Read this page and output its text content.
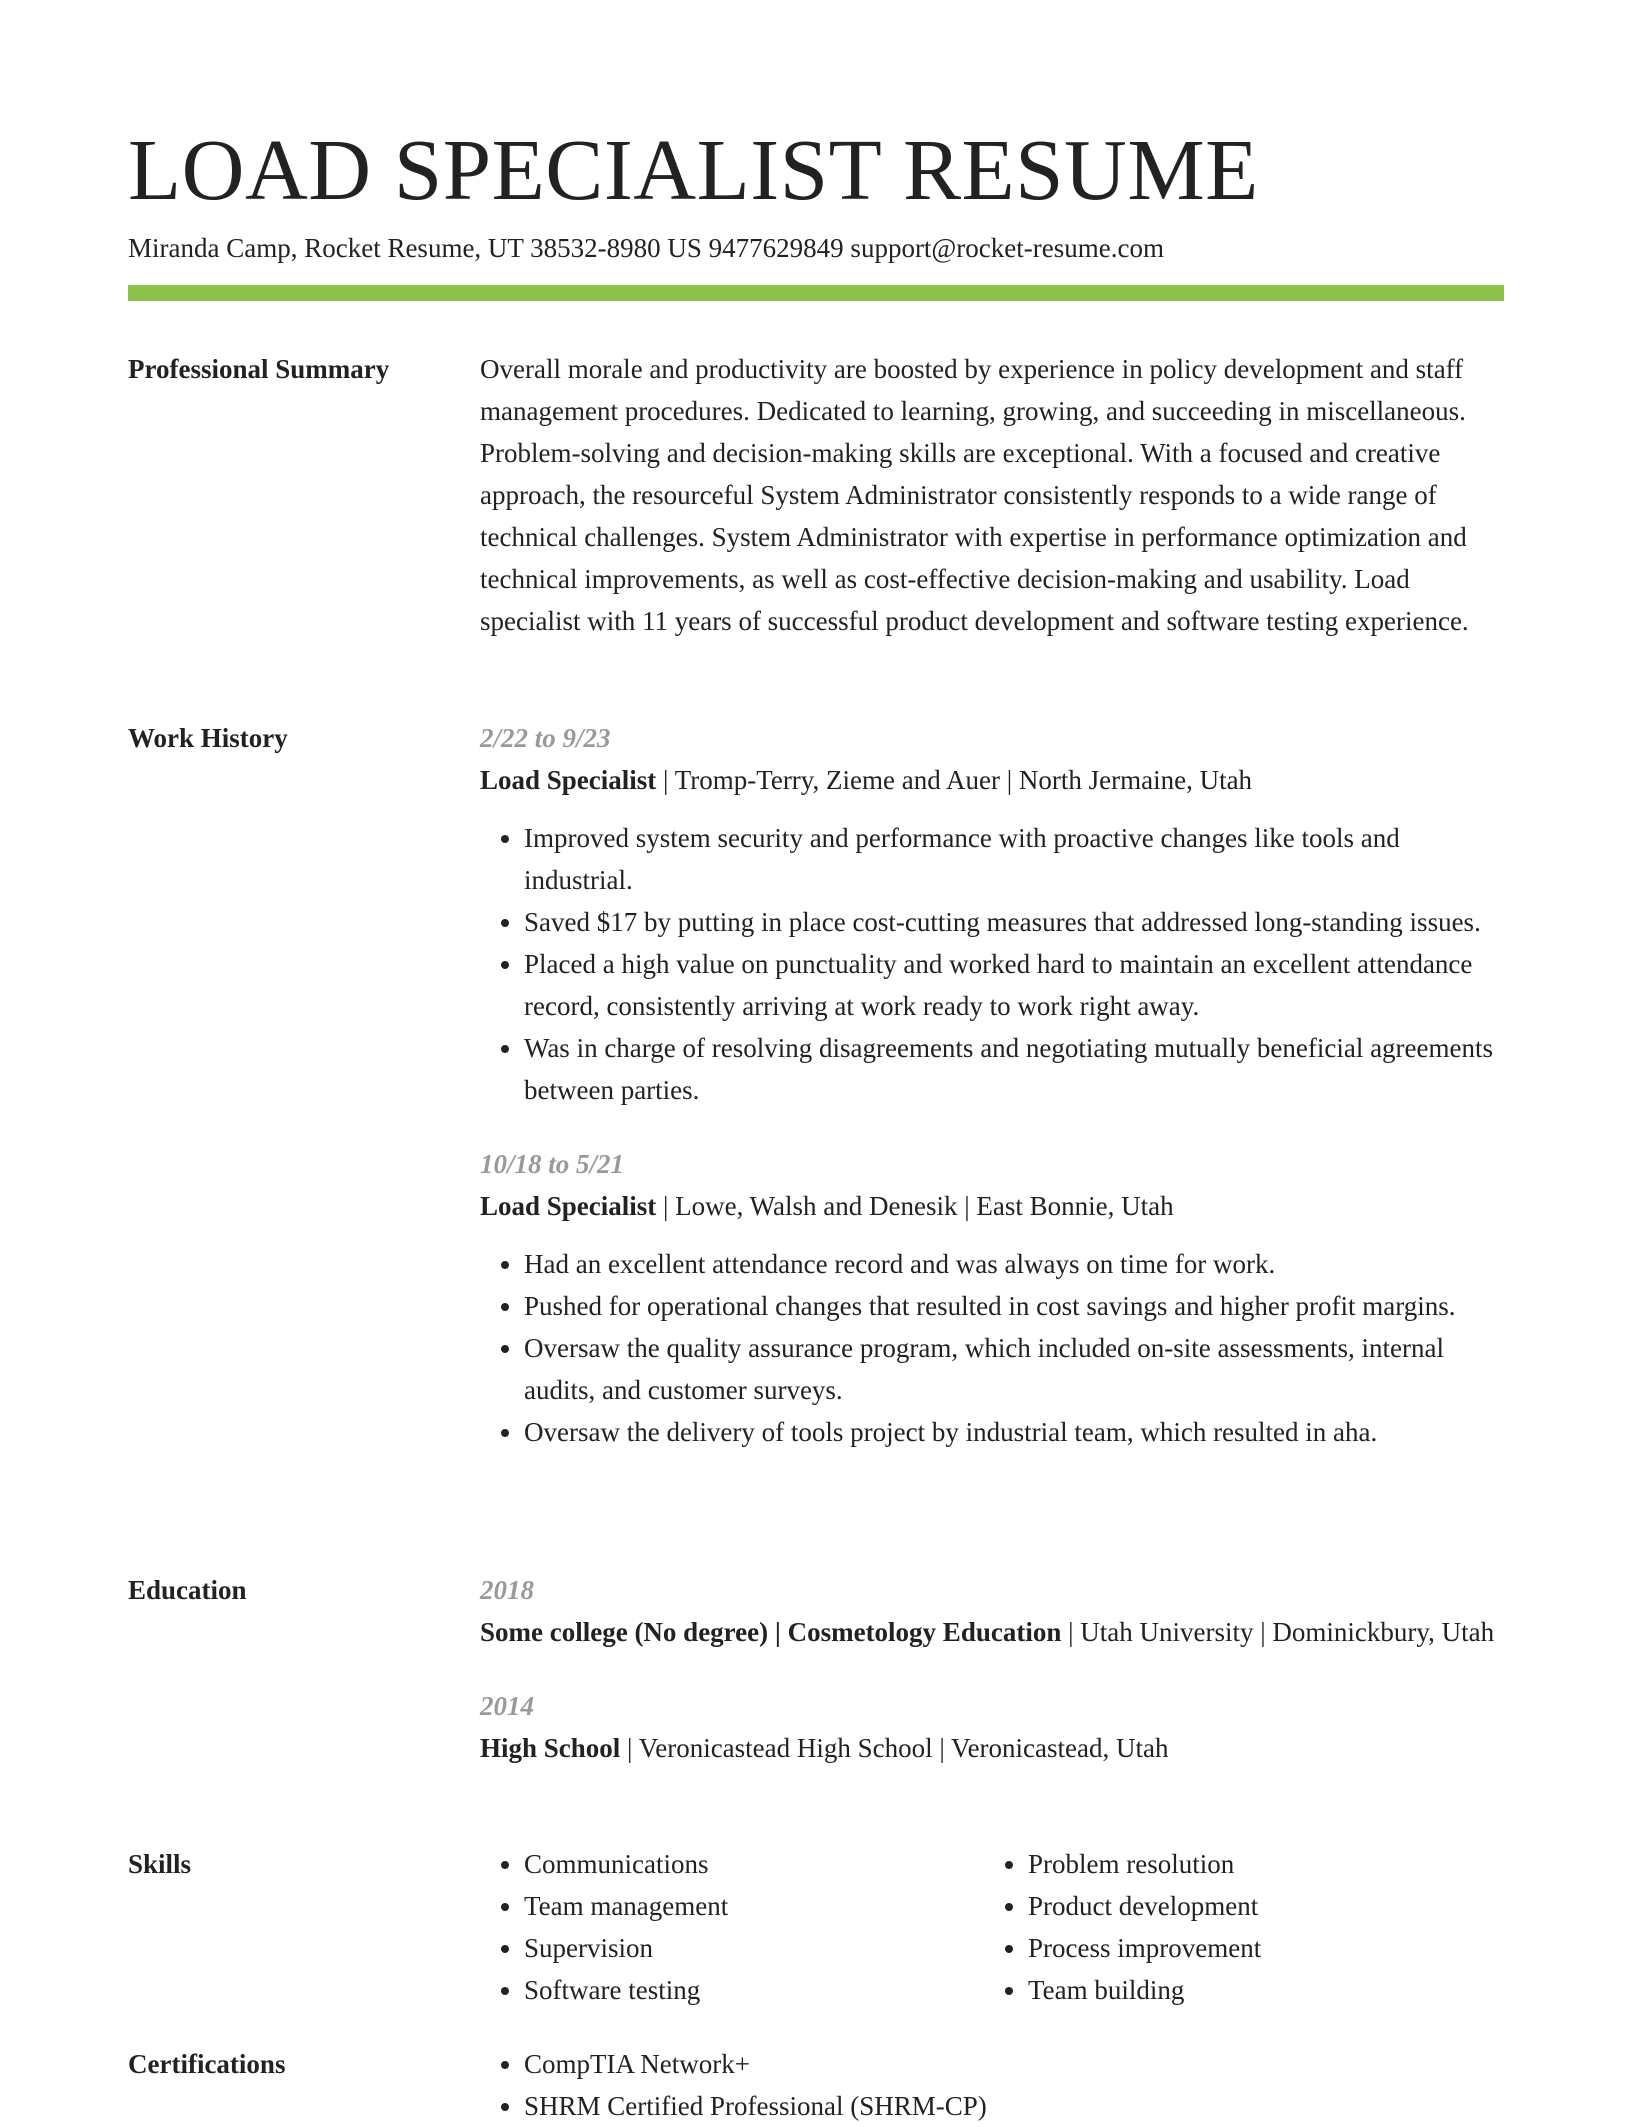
LOAD SPECIALIST RESUME
Miranda Camp, Rocket Resume, UT 38532-8980 US 9477629849 support@rocket-resume.com
Professional Summary	Overall morale and productivity are boosted by experience in policy development and staff management procedures. Dedicated to learning, growing, and succeeding in miscellaneous. Problem-solving and decision-making skills are exceptional. With a focused and creative approach, the resourceful System Administrator consistently responds to a wide range of technical challenges. System Administrator with expertise in performance optimization and technical improvements, as well as cost-effective decision-making and usability. Load specialist with 11 years of successful product development and software testing experience.

Work History	2/22 to 9/23
Load Specialist | Tromp-Terry, Zieme and Auer | North Jermaine, Utah
• Improved system security and performance with proactive changes like tools and industrial.
• Saved $17 by putting in place cost-cutting measures that addressed long-standing issues.
• Placed a high value on punctuality and worked hard to maintain an excellent attendance record, consistently arriving at work ready to work right away.
• Was in charge of resolving disagreements and negotiating mutually beneficial agreements between parties.
10/18 to 5/21
Load Specialist | Lowe, Walsh and Denesik | East Bonnie, Utah
• Had an excellent attendance record and was always on time for work.
• Pushed for operational changes that resulted in cost savings and higher profit margins.
• Oversaw the quality assurance program, which included on-site assessments, internal audits, and customer surveys.
• Oversaw the delivery of tools project by industrial team, which resulted in aha.
Education	2018
Some college (No degree) | Cosmetology Education | Utah University | Dominickbury, Utah
2014
High School | Veronicastead High School | Veronicastead, Utah
Skills	• Communications
• Team management
• Supervision
• Software testing
• Problem resolution
• Product development
• Process improvement
• Team building
Certifications	• CompTIA Network+
• SHRM Certified Professional (SHRM-CP)
